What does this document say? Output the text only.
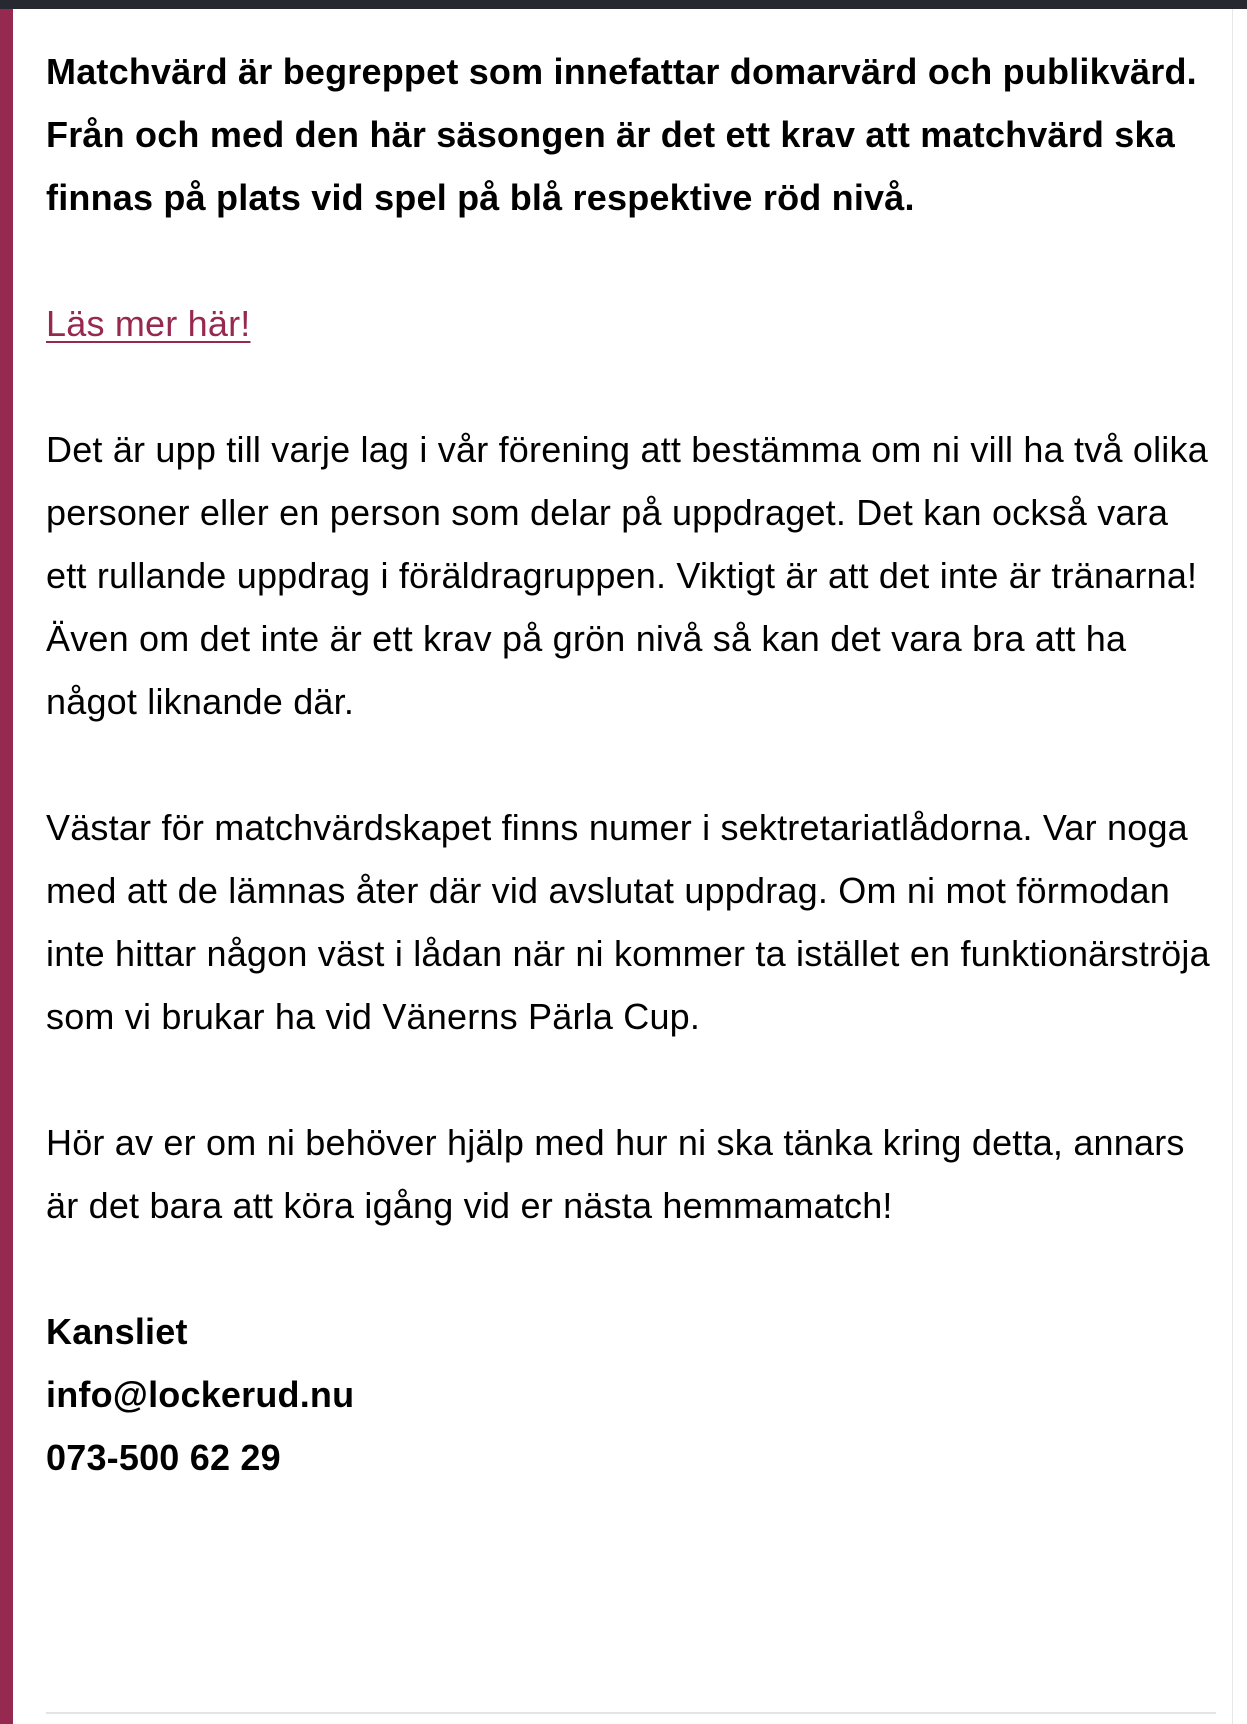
Matchvärd är begreppet som innefattar domarvärd och publikvärd. Från och med den här säsongen är det ett krav att matchvärd ska finnas på plats vid spel på blå respektive röd nivå.

Läs mer här!

Det är upp till varje lag i vår förening att bestämma om ni vill ha två olika personer eller en person som delar på uppdraget. Det kan också vara ett rullande uppdrag i föräldragruppen. Viktigt är att det inte är tränarna!

Även om det inte är ett krav på grön nivå så kan det vara bra att ha något liknande där.

Västar för matchvärdskapet finns numer i sektretariatlådorna. Var noga med att de lämnas åter där vid avslutat uppdrag. Om ni mot förmodan inte hittar någon väst i lådan när ni kommer ta istället en funktionärströja som vi brukar ha vid Vänerns Pärla Cup.

Hör av er om ni behöver hjälp med hur ni ska tänka kring detta, annars är det bara att köra igång vid er nästa hemmamatch!

Kansliet

info@lockerud.nu

073-500 62 29
